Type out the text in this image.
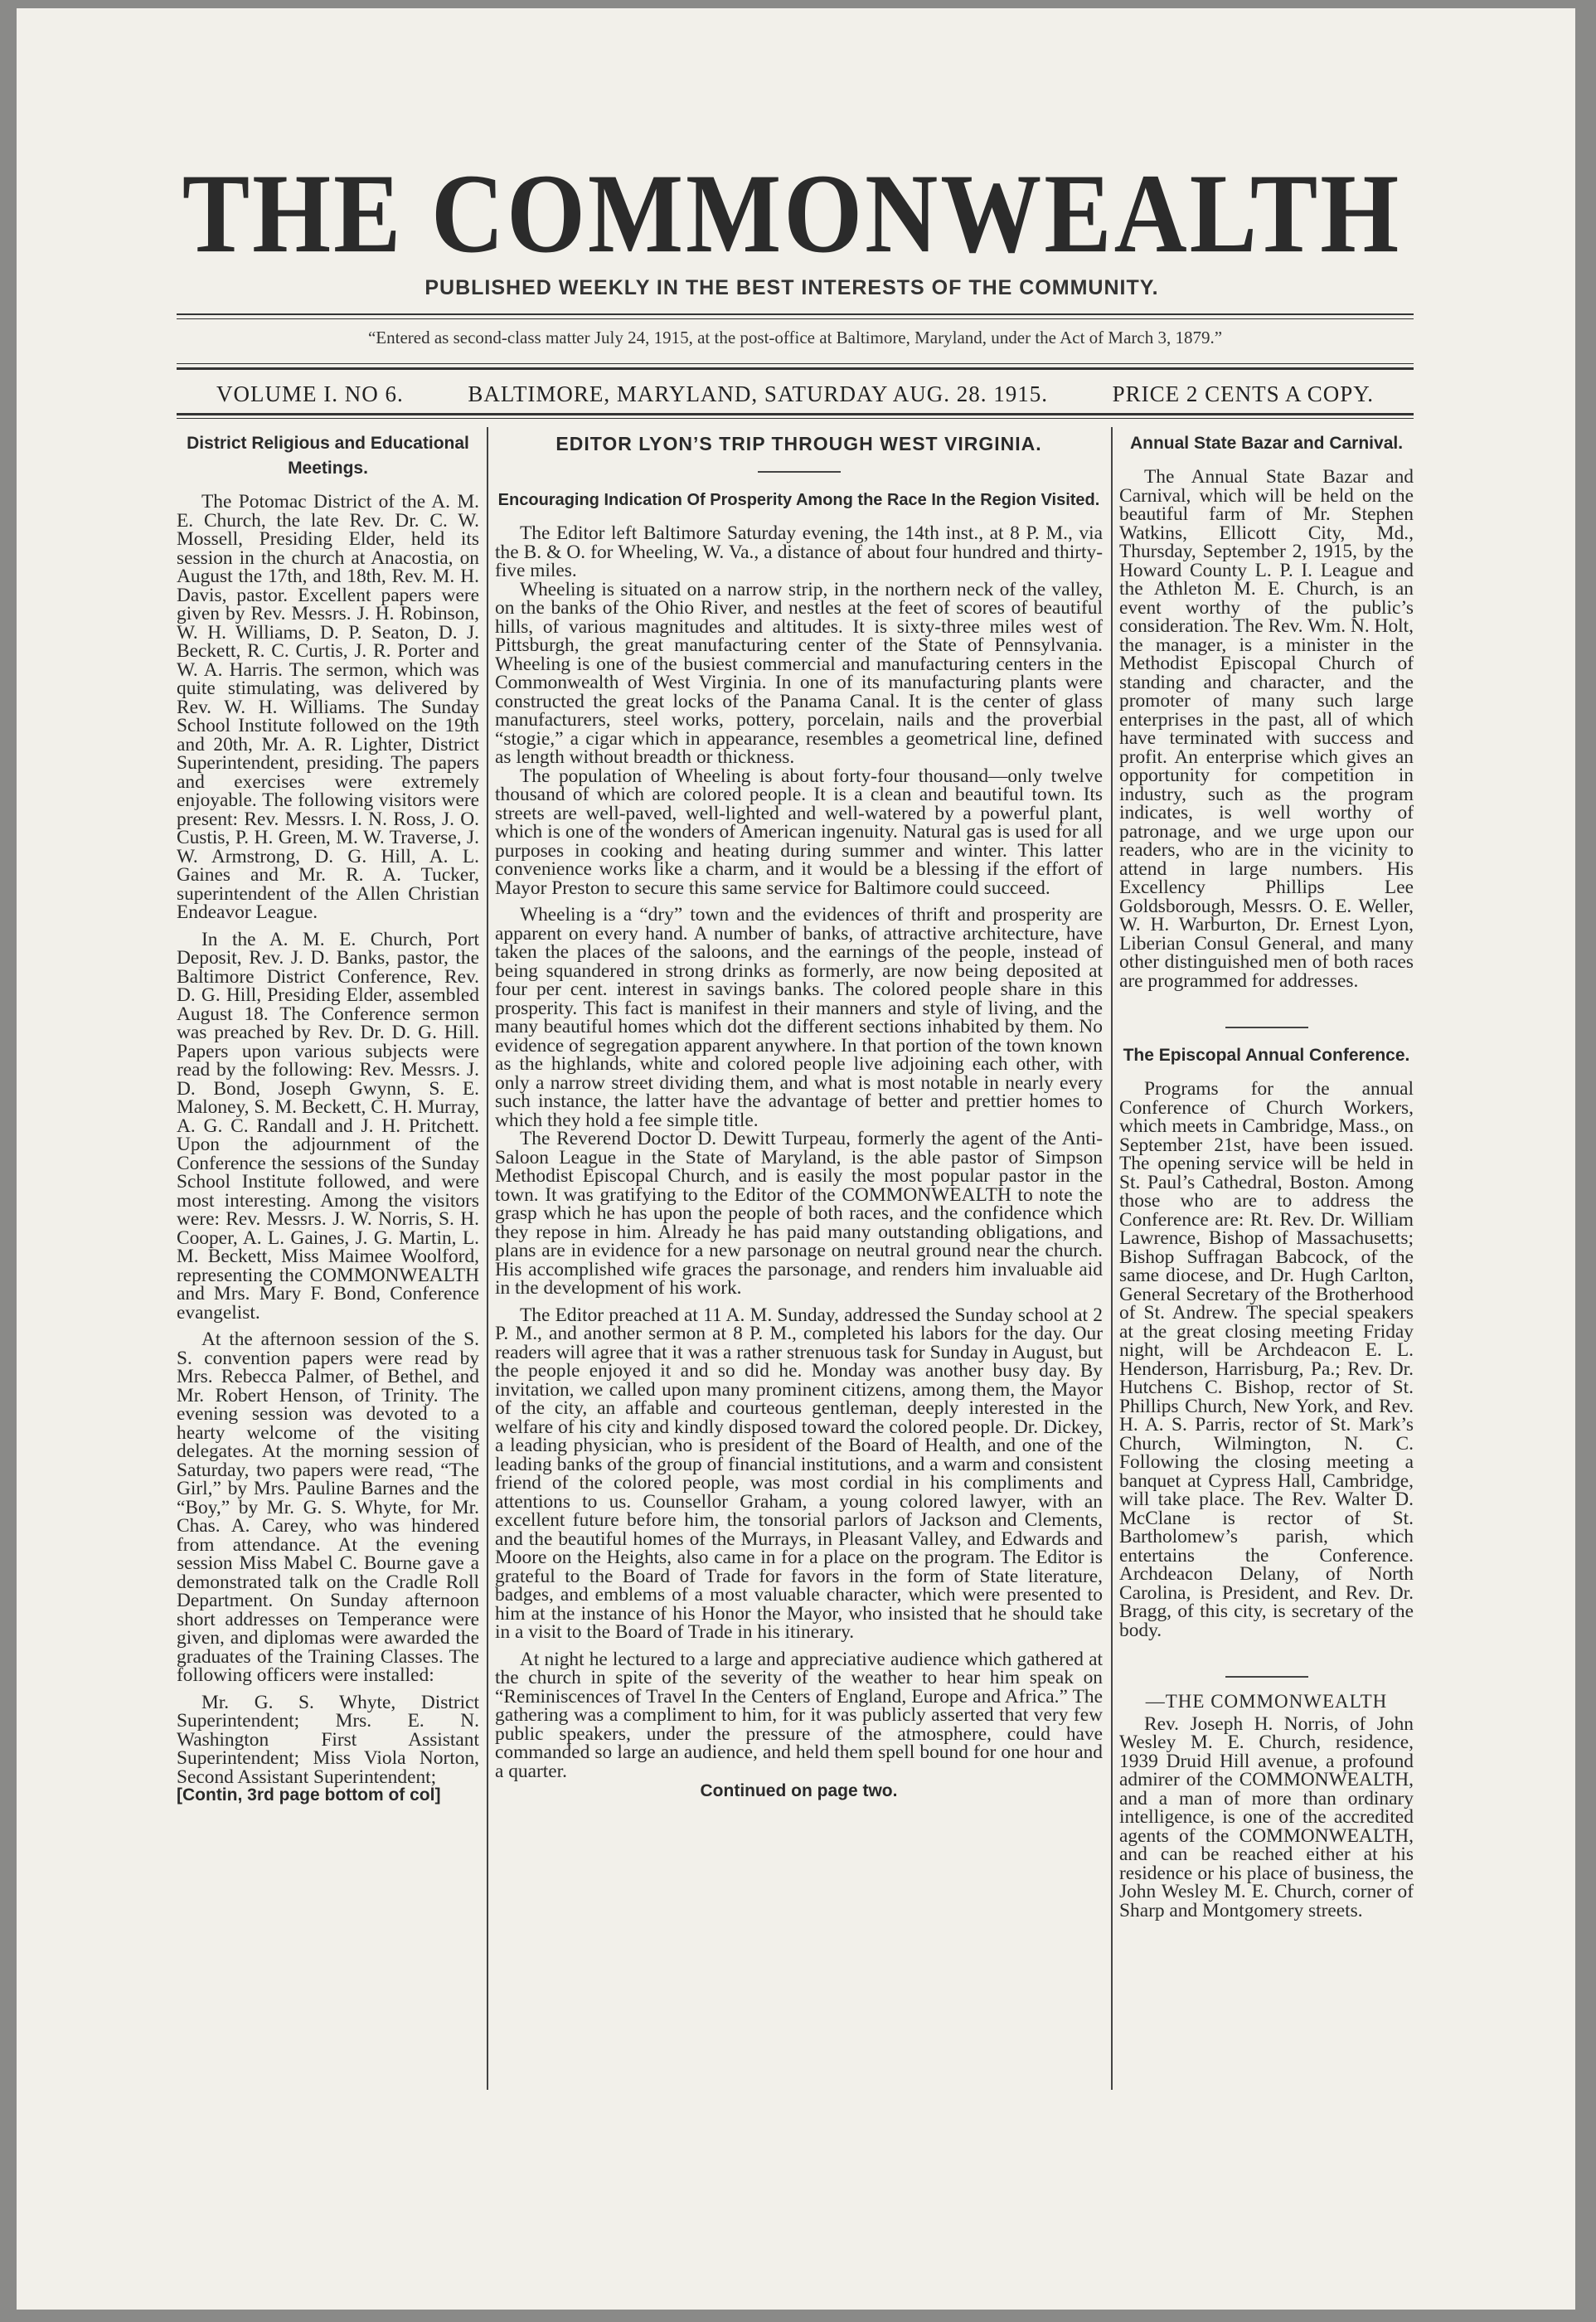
THE COMMONWEALTH
PUBLISHED WEEKLY IN THE BEST INTERESTS OF THE COMMUNITY.
“Entered as second-class matter July 24, 1915, at the post-office at Baltimore, Maryland, under the Act of March 3, 1879.”
VOLUME I. NO 6.	BALTIMORE, MARYLAND, SATURDAY AUG. 28. 1915.	PRICE 2 CENTS A COPY.
District Religious and Educational Meetings.

The Potomac District of the A. M. E. Church, the late Rev. Dr. C. W. Mossell, Presiding Elder, held its session in the church at Anacostia, on August the 17th, and 18th, Rev. M. H. Davis, pastor. Excellent papers were given by Rev. Messrs. J. H. Robinson, W. H. Williams, D. P. Seaton, D. J. Beckett, R. C. Curtis, J. R. Porter and W. A. Harris. The sermon, which was quite stimulating, was delivered by Rev. W. H. Williams. The Sunday School Institute followed on the 19th and 20th, Mr. A. R. Lighter, District Superintendent, presiding. The papers and exercises were extremely enjoyable. The following visitors were present: Rev. Messrs. I. N. Ross, J. O. Custis, P. H. Green, M. W. Traverse, J. W. Armstrong, D. G. Hill, A. L. Gaines and Mr. R. A. Tucker, superintendent of the Allen Christian Endeavor League.

In the A. M. E. Church, Port Deposit, Rev. J. D. Banks, pastor, the Baltimore District Conference, Rev. D. G. Hill, Presiding Elder, assembled August 18. The Conference sermon was preached by Rev. Dr. D. G. Hill. Papers upon various subjects were read by the following: Rev. Messrs. J. D. Bond, Joseph Gwynn, S. E. Maloney, S. M. Beckett, C. H. Murray, A. G. C. Randall and J. H. Pritchett. Upon the adjournment of the Conference the sessions of the Sunday School Institute followed, and were most interesting. Among the visitors were: Rev. Messrs. J. W. Norris, S. H. Cooper, A. L. Gaines, J. G. Martin, L. M. Beckett, Miss Maimee Woolford, representing the COMMONWEALTH and Mrs. Mary F. Bond, Conference evangelist.

At the afternoon session of the S. S. convention papers were read by Mrs. Rebecca Palmer, of Bethel, and Mr. Robert Henson, of Trinity. The evening session was devoted to a hearty welcome of the visiting delegates. At the morning session of Saturday, two papers were read, “The Girl,” by Mrs. Pauline Barnes and the “Boy,” by Mr. G. S. Whyte, for Mr. Chas. A. Carey, who was hindered from attendance. At the evening session Miss Mabel C. Bourne gave a demonstrated talk on the Cradle Roll Department. On Sunday afternoon short addresses on Temperance were given, and diplomas were awarded the graduates of the Training Classes. The following officers were installed:

Mr. G. S. Whyte, District Superintendent; Mrs. E. N. Washington First Assistant Superintendent; Miss Viola Norton, Second Assistant Superintendent;

[Contin, 3rd page bottom of col]

EDITOR LYON’S TRIP THROUGH WEST VIRGINIA.
Encouraging Indication Of Prosperity Among the Race In the Region Visited.

The Editor left Baltimore Saturday evening, the 14th inst., at 8 P. M., via the B. & O. for Wheeling, W. Va., a distance of about four hundred and thirty-five miles.

Wheeling is situated on a narrow strip, in the northern neck of the valley, on the banks of the Ohio River, and nestles at the feet of scores of beautiful hills, of various magnitudes and altitudes. It is sixty-three miles west of Pittsburgh, the great manufacturing center of the State of Pennsylvania. Wheeling is one of the busiest commercial and manufacturing centers in the Commonwealth of West Virginia. In one of its manufacturing plants were constructed the great locks of the Panama Canal. It is the center of glass manufacturers, steel works, pottery, porcelain, nails and the proverbial “stogie,” a cigar which in appearance, resembles a geometrical line, defined as length without breadth or thickness.

The population of Wheeling is about forty-four thousand—only twelve thousand of which are colored people. It is a clean and beautiful town. Its streets are well-paved, well-lighted and well-watered by a powerful plant, which is one of the wonders of American ingenuity. Natural gas is used for all purposes in cooking and heating during summer and winter. This latter convenience works like a charm, and it would be a blessing if the effort of Mayor Preston to secure this same service for Baltimore could succeed.

Wheeling is a “dry” town and the evidences of thrift and prosperity are apparent on every hand. A number of banks, of attractive architecture, have taken the places of the saloons, and the earnings of the people, instead of being squandered in strong drinks as formerly, are now being deposited at four per cent. interest in savings banks. The colored people share in this prosperity. This fact is manifest in their manners and style of living, and the many beautiful homes which dot the different sections inhabited by them. No evidence of segregation apparent anywhere. In that portion of the town known as the highlands, white and colored people live adjoining each other, with only a narrow street dividing them, and what is most notable in nearly every such instance, the latter have the advantage of better and prettier homes to which they hold a fee simple title.

The Reverend Doctor D. Dewitt Turpeau, formerly the agent of the Anti-Saloon League in the State of Maryland, is the able pastor of Simpson Methodist Episcopal Church, and is easily the most popular pastor in the town. It was gratifying to the Editor of the COMMONWEALTH to note the grasp which he has upon the people of both races, and the confidence which they repose in him. Already he has paid many outstanding obligations, and plans are in evidence for a new parsonage on neutral ground near the church. His accomplished wife graces the parsonage, and renders him invaluable aid in the development of his work.

The Editor preached at 11 A. M. Sunday, addressed the Sunday school at 2 P. M., and another sermon at 8 P. M., completed his labors for the day. Our readers will agree that it was a rather strenuous task for Sunday in August, but the people enjoyed it and so did he. Monday was another busy day. By invitation, we called upon many prominent citizens, among them, the Mayor of the city, an affable and courteous gentleman, deeply interested in the welfare of his city and kindly disposed toward the colored people. Dr. Dickey, a leading physician, who is president of the Board of Health, and one of the leading banks of the group of financial institutions, and a warm and consistent friend of the colored people, was most cordial in his compliments and attentions to us. Counsellor Graham, a young colored lawyer, with an excellent future before him, the tonsorial parlors of Jackson and Clements, and the beautiful homes of the Murrays, in Pleasant Valley, and Edwards and Moore on the Heights, also came in for a place on the program. The Editor is grateful to the Board of Trade for favors in the form of State literature, badges, and emblems of a most valuable character, which were presented to him at the instance of his Honor the Mayor, who insisted that he should take in a visit to the Board of Trade in his itinerary.

At night he lectured to a large and appreciative audience which gathered at the church in spite of the severity of the weather to hear him speak on “Reminiscences of Travel In the Centers of England, Europe and Africa.” The gathering was a compliment to him, for it was publicly asserted that very few public speakers, under the pressure of the atmosphere, could have commanded so large an audience, and held them spell bound for one hour and a quarter.

Continued on page two.

Annual State Bazar and Carnival.

The Annual State Bazar and Carnival, which will be held on the beautiful farm of Mr. Stephen Watkins, Ellicott City, Md., Thursday, September 2, 1915, by the Howard County L. P. I. League and the Athleton M. E. Church, is an event worthy of the public’s consideration. The Rev. Wm. N. Holt, the manager, is a minister in the Methodist Episcopal Church of standing and character, and the promoter of many such large enterprises in the past, all of which have terminated with success and profit. An enterprise which gives an opportunity for competition in industry, such as the program indicates, is well worthy of patronage, and we urge upon our readers, who are in the vicinity to attend in large numbers. His Excellency Phillips Lee Goldsborough, Messrs. O. E. Weller, W. H. Warburton, Dr. Ernest Lyon, Liberian Consul General, and many other distinguished men of both races are programmed for addresses.

The Episcopal Annual Conference.

Programs for the annual Conference of Church Workers, which meets in Cambridge, Mass., on September 21st, have been issued. The opening service will be held in St. Paul’s Cathedral, Boston. Among those who are to address the Conference are: Rt. Rev. Dr. William Lawrence, Bishop of Massachusetts; Bishop Suffragan Babcock, of the same diocese, and Dr. Hugh Carlton, General Secretary of the Brotherhood of St. Andrew. The special speakers at the great closing meeting Friday night, will be Archdeacon E. L. Henderson, Harrisburg, Pa.; Rev. Dr. Hutchens C. Bishop, rector of St. Phillips Church, New York, and Rev. H. A. S. Parris, rector of St. Mark’s Church, Wilmington, N. C. Following the closing meeting a banquet at Cypress Hall, Cambridge, will take place. The Rev. Walter D. McClane is rector of St. Bartholomew’s parish, which entertains the Conference. Archdeacon Delany, of North Carolina, is President, and Rev. Dr. Bragg, of this city, is secretary of the body.

—THE COMMONWEALTH

Rev. Joseph H. Norris, of John Wesley M. E. Church, residence, 1939 Druid Hill avenue, a profound admirer of the COMMONWEALTH, and a man of more than ordinary intelligence, is one of the accredited agents of the COMMONWEALTH, and can be reached either at his residence or his place of business, the John Wesley M. E. Church, corner of Sharp and Montgomery streets.
